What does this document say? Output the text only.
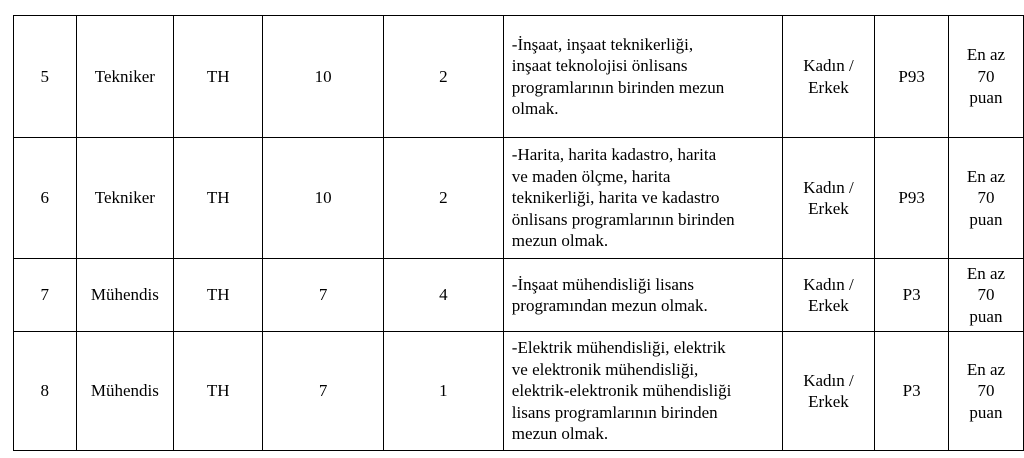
5	Tekniker	TH	10	2	-İnşaat, inşaat teknikerliği,
inşaat teknolojisi önlisans
programlarının birinden mezun
olmak.	Kadın /
Erkek	P93	En az
70
puan
6	Tekniker	TH	10	2	-Harita, harita kadastro, harita
ve maden ölçme, harita
teknikerliği, harita ve kadastro
önlisans programlarının birinden
mezun olmak.	Kadın /
Erkek	P93	En az
70
puan
7	Mühendis	TH	7	4	-İnşaat mühendisliği lisans
programından mezun olmak.	Kadın /
Erkek	P3	En az
70
puan
8	Mühendis	TH	7	1	-Elektrik mühendisliği, elektrik
ve elektronik mühendisliği,
elektrik-elektronik mühendisliği
lisans programlarının birinden
mezun olmak.	Kadın /
Erkek	P3	En az
70
puan
